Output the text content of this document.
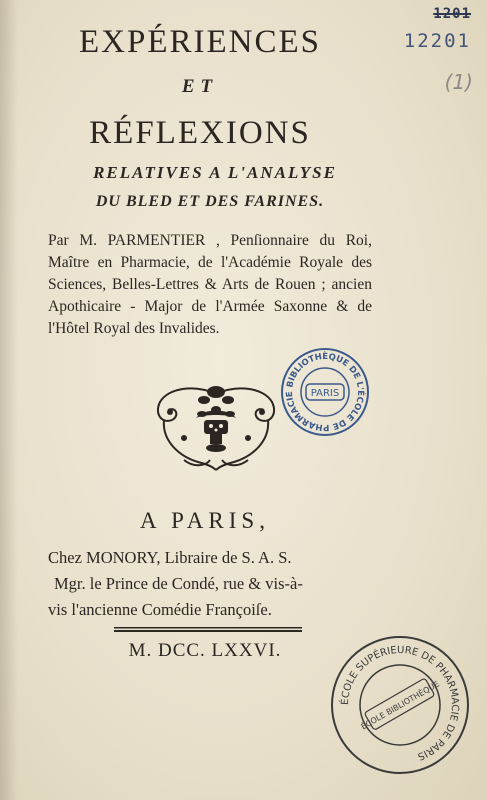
1201
12201
(1)
EXPÉRIENCES
ET
RÉFLEXIONS
RELATIVES A L'ANALYSE
DU BLED ET DES FARINES.
Par M. PARMENTIER , Penſionnaire du Roi, Maître en Pharmacie, de l'Académie Royale des Sciences, Belles-Lettres & Arts de Rouen ; ancien Apothicaire - Major de l'Armée Saxonne & de l'Hôtel Royal des Invalides.
BIBLIOTHÈQUE DE L'ÉCOLE DE PHARMACIE	PARIS
A PARIS,
Chez MONORY, Libraire de S. A. S.
Mgr. le Prince de Condé, rue & vis-à-
vis l'ancienne Comédie Françoiſe.
M. DCC. LXXVI.
ÉCOLE SUPÉRIEURE DE PHARMACIE DE PARIS
ÉCOLE BIBLIOTHÈQUE
